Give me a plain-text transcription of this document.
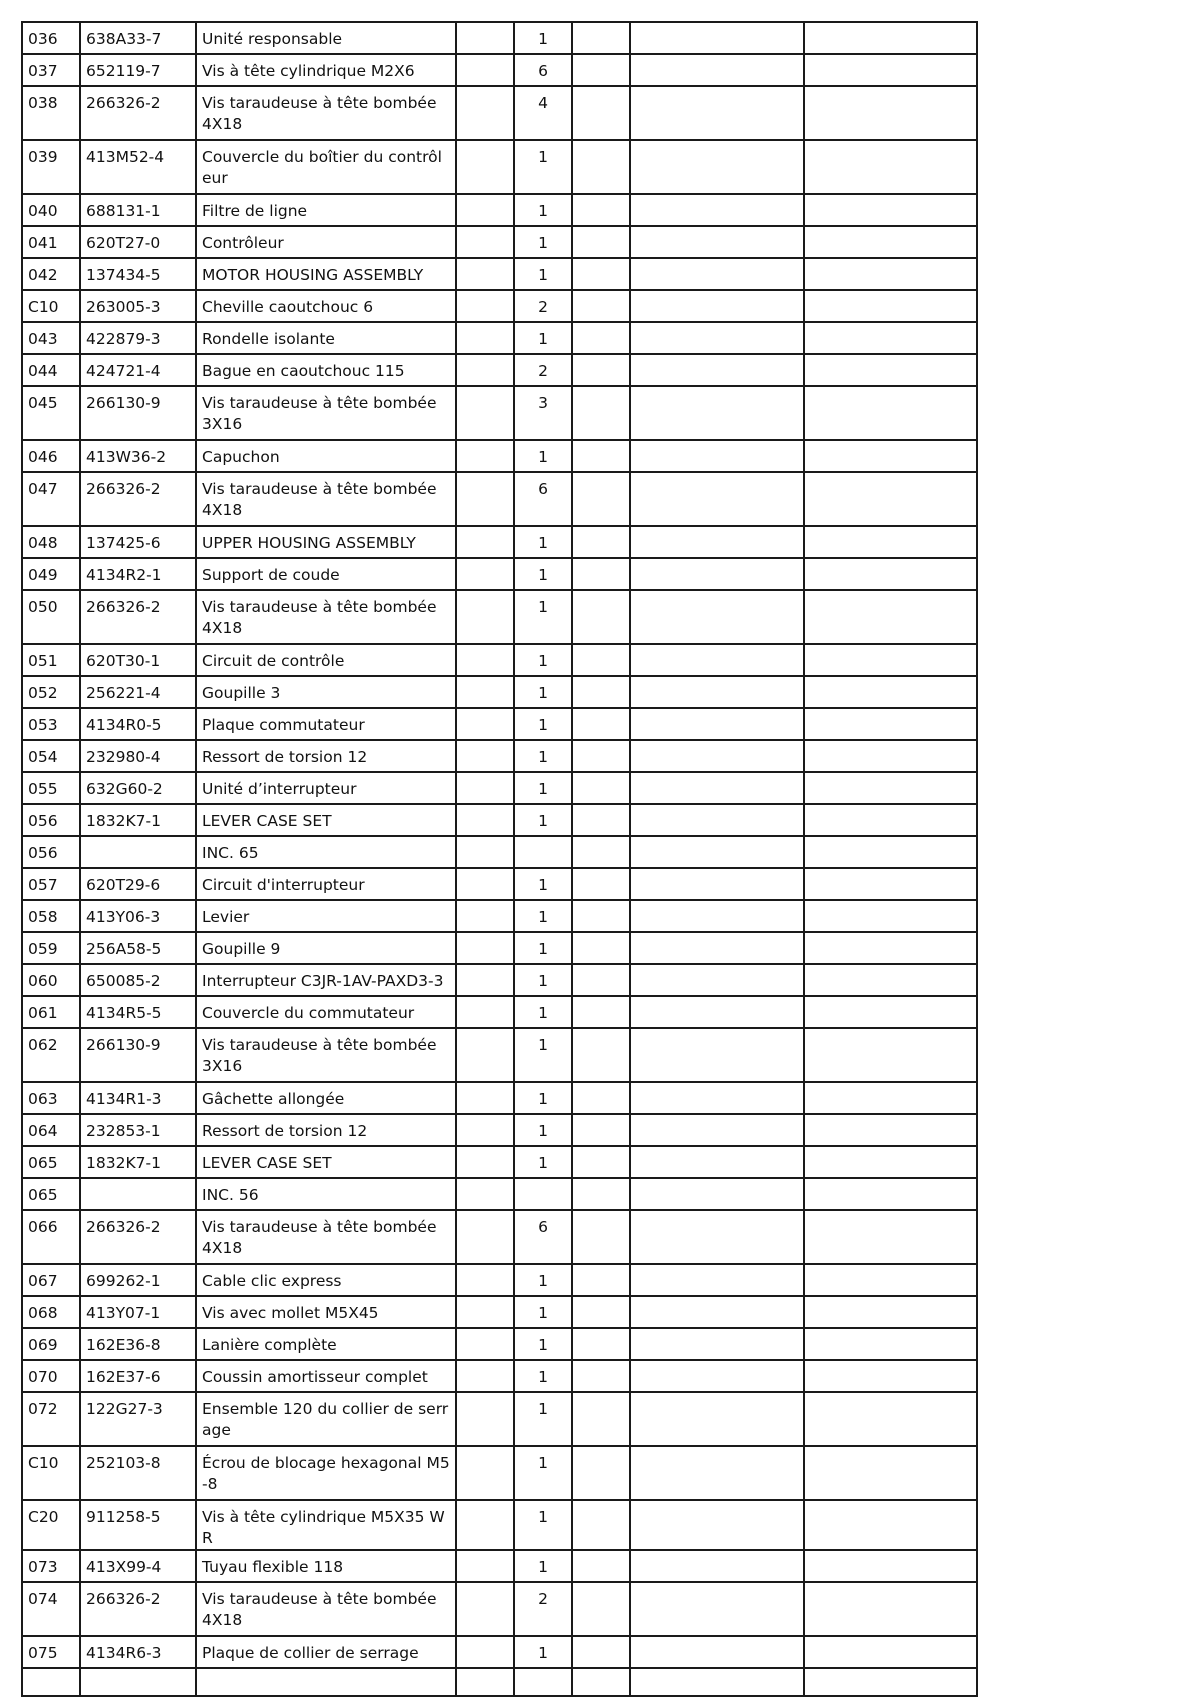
036	638A33-7	Unité responsable		1			
037	652119-7	Vis à tête cylindrique M2X6		6			
038	266326-2	Vis taraudeuse à tête bombée 4X18		4			
039	413M52-4	Couvercle du boîtier du contrôleur		1			
040	688131-1	Filtre de ligne		1			
041	620T27-0	Contrôleur		1			
042	137434-5	MOTOR HOUSING ASSEMBLY		1			
C10	263005-3	Cheville caoutchouc 6		2			
043	422879-3	Rondelle isolante		1			
044	424721-4	Bague en caoutchouc 115		2			
045	266130-9	Vis taraudeuse à tête bombée 3X16		3			
046	413W36-2	Capuchon		1			
047	266326-2	Vis taraudeuse à tête bombée 4X18		6			
048	137425-6	UPPER HOUSING ASSEMBLY		1			
049	4134R2-1	Support de coude		1			
050	266326-2	Vis taraudeuse à tête bombée 4X18		1			
051	620T30-1	Circuit de contrôle		1			
052	256221-4	Goupille 3		1			
053	4134R0-5	Plaque commutateur		1			
054	232980-4	Ressort de torsion 12		1			
055	632G60-2	Unité d’interrupteur		1			
056	1832K7-1	LEVER CASE SET		1			
056		INC. 65					
057	620T29-6	Circuit d'interrupteur		1			
058	413Y06-3	Levier		1			
059	256A58-5	Goupille 9		1			
060	650085-2	Interrupteur C3JR-1AV-PAXD3-3		1			
061	4134R5-5	Couvercle du commutateur		1			
062	266130-9	Vis taraudeuse à tête bombée 3X16		1			
063	4134R1-3	Gâchette allongée		1			
064	232853-1	Ressort de torsion 12		1			
065	1832K7-1	LEVER CASE SET		1			
065		INC. 56					
066	266326-2	Vis taraudeuse à tête bombée 4X18		6			
067	699262-1	Cable clic express		1			
068	413Y07-1	Vis avec mollet M5X45		1			
069	162E36-8	Lanière complète		1			
070	162E37-6	Coussin amortisseur complet		1			
072	122G27-3	Ensemble 120 du collier de serrage		1			
C10	252103-8	Écrou de blocage hexagonal M5-8		1			
C20	911258-5	Vis à tête cylindrique M5X35 WR		1			
073	413X99-4	Tuyau flexible 118		1			
074	266326-2	Vis taraudeuse à tête bombée 4X18		2			
075	4134R6-3	Plaque de collier de serrage		1			
